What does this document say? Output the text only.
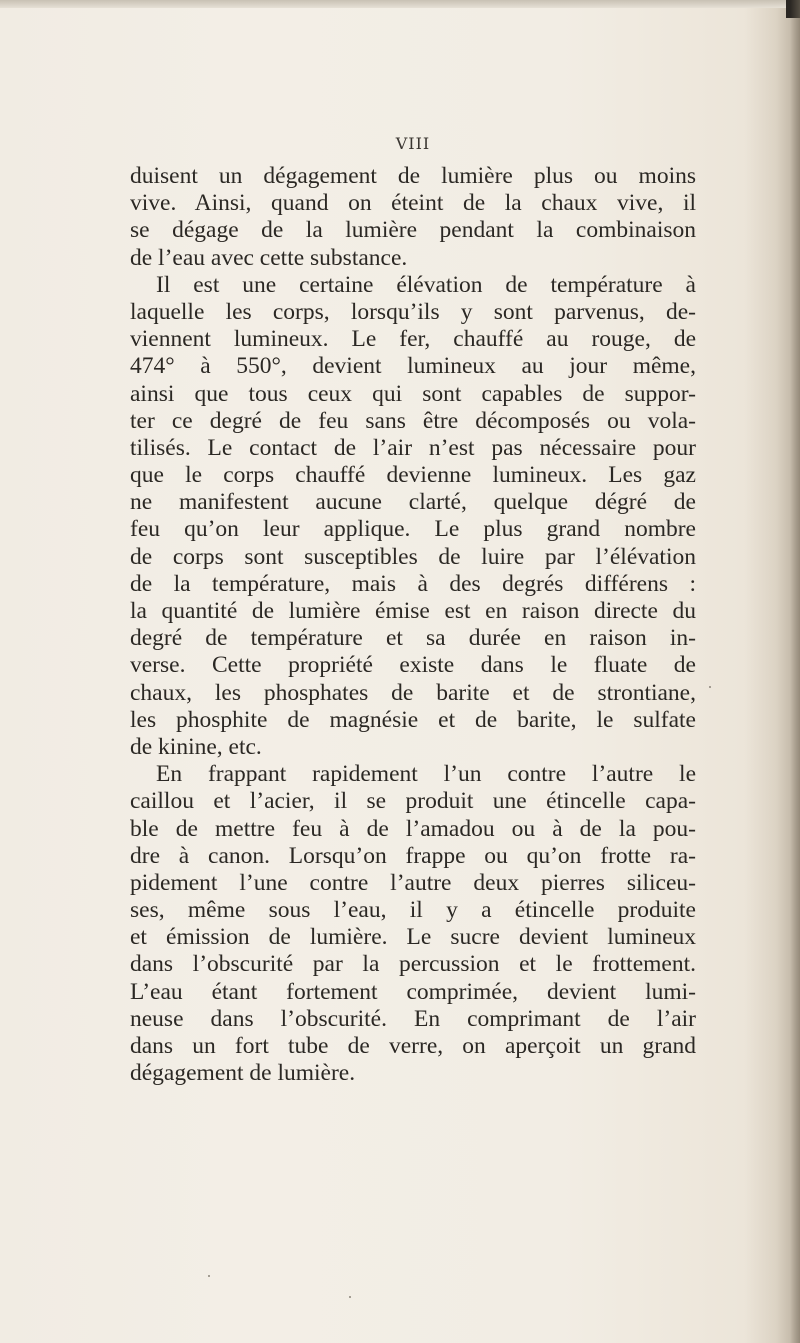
VIII
duisent un dégagement de lumière plus ou moins
vive. Ainsi, quand on éteint de la chaux vive, il
se dégage de la lumière pendant la combinaison
de l’eau avec cette substance.
Il est une certaine élévation de température à
laquelle les corps, lorsqu’ils y sont parvenus, de-
viennent lumineux. Le fer, chauffé au rouge, de
474° à 550°, devient lumineux au jour même,
ainsi que tous ceux qui sont capables de suppor-
ter ce degré de feu sans être décomposés ou vola-
tilisés. Le contact de l’air n’est pas nécessaire pour
que le corps chauffé devienne lumineux. Les gaz
ne manifestent aucune clarté, quelque dégré de
feu qu’on leur applique. Le plus grand nombre
de corps sont susceptibles de luire par l’élévation
de la température, mais à des degrés différens :
la quantité de lumière émise est en raison directe du
degré de température et sa durée en raison in-
verse. Cette propriété existe dans le fluate de
chaux, les phosphates de barite et de strontiane,
les phosphite de magnésie et de barite, le sulfate
de kinine, etc.
En frappant rapidement l’un contre l’autre le
caillou et l’acier, il se produit une étincelle capa-
ble de mettre feu à de l’amadou ou à de la pou-
dre à canon. Lorsqu’on frappe ou qu’on frotte ra-
pidement l’une contre l’autre deux pierres siliceu-
ses, même sous l’eau, il y a étincelle produite
et émission de lumière. Le sucre devient lumineux
dans l’obscurité par la percussion et le frottement.
L’eau étant fortement comprimée, devient lumi-
neuse dans l’obscurité. En comprimant de l’air
dans un fort tube de verre, on aperçoit un grand
dégagement de lumière.
